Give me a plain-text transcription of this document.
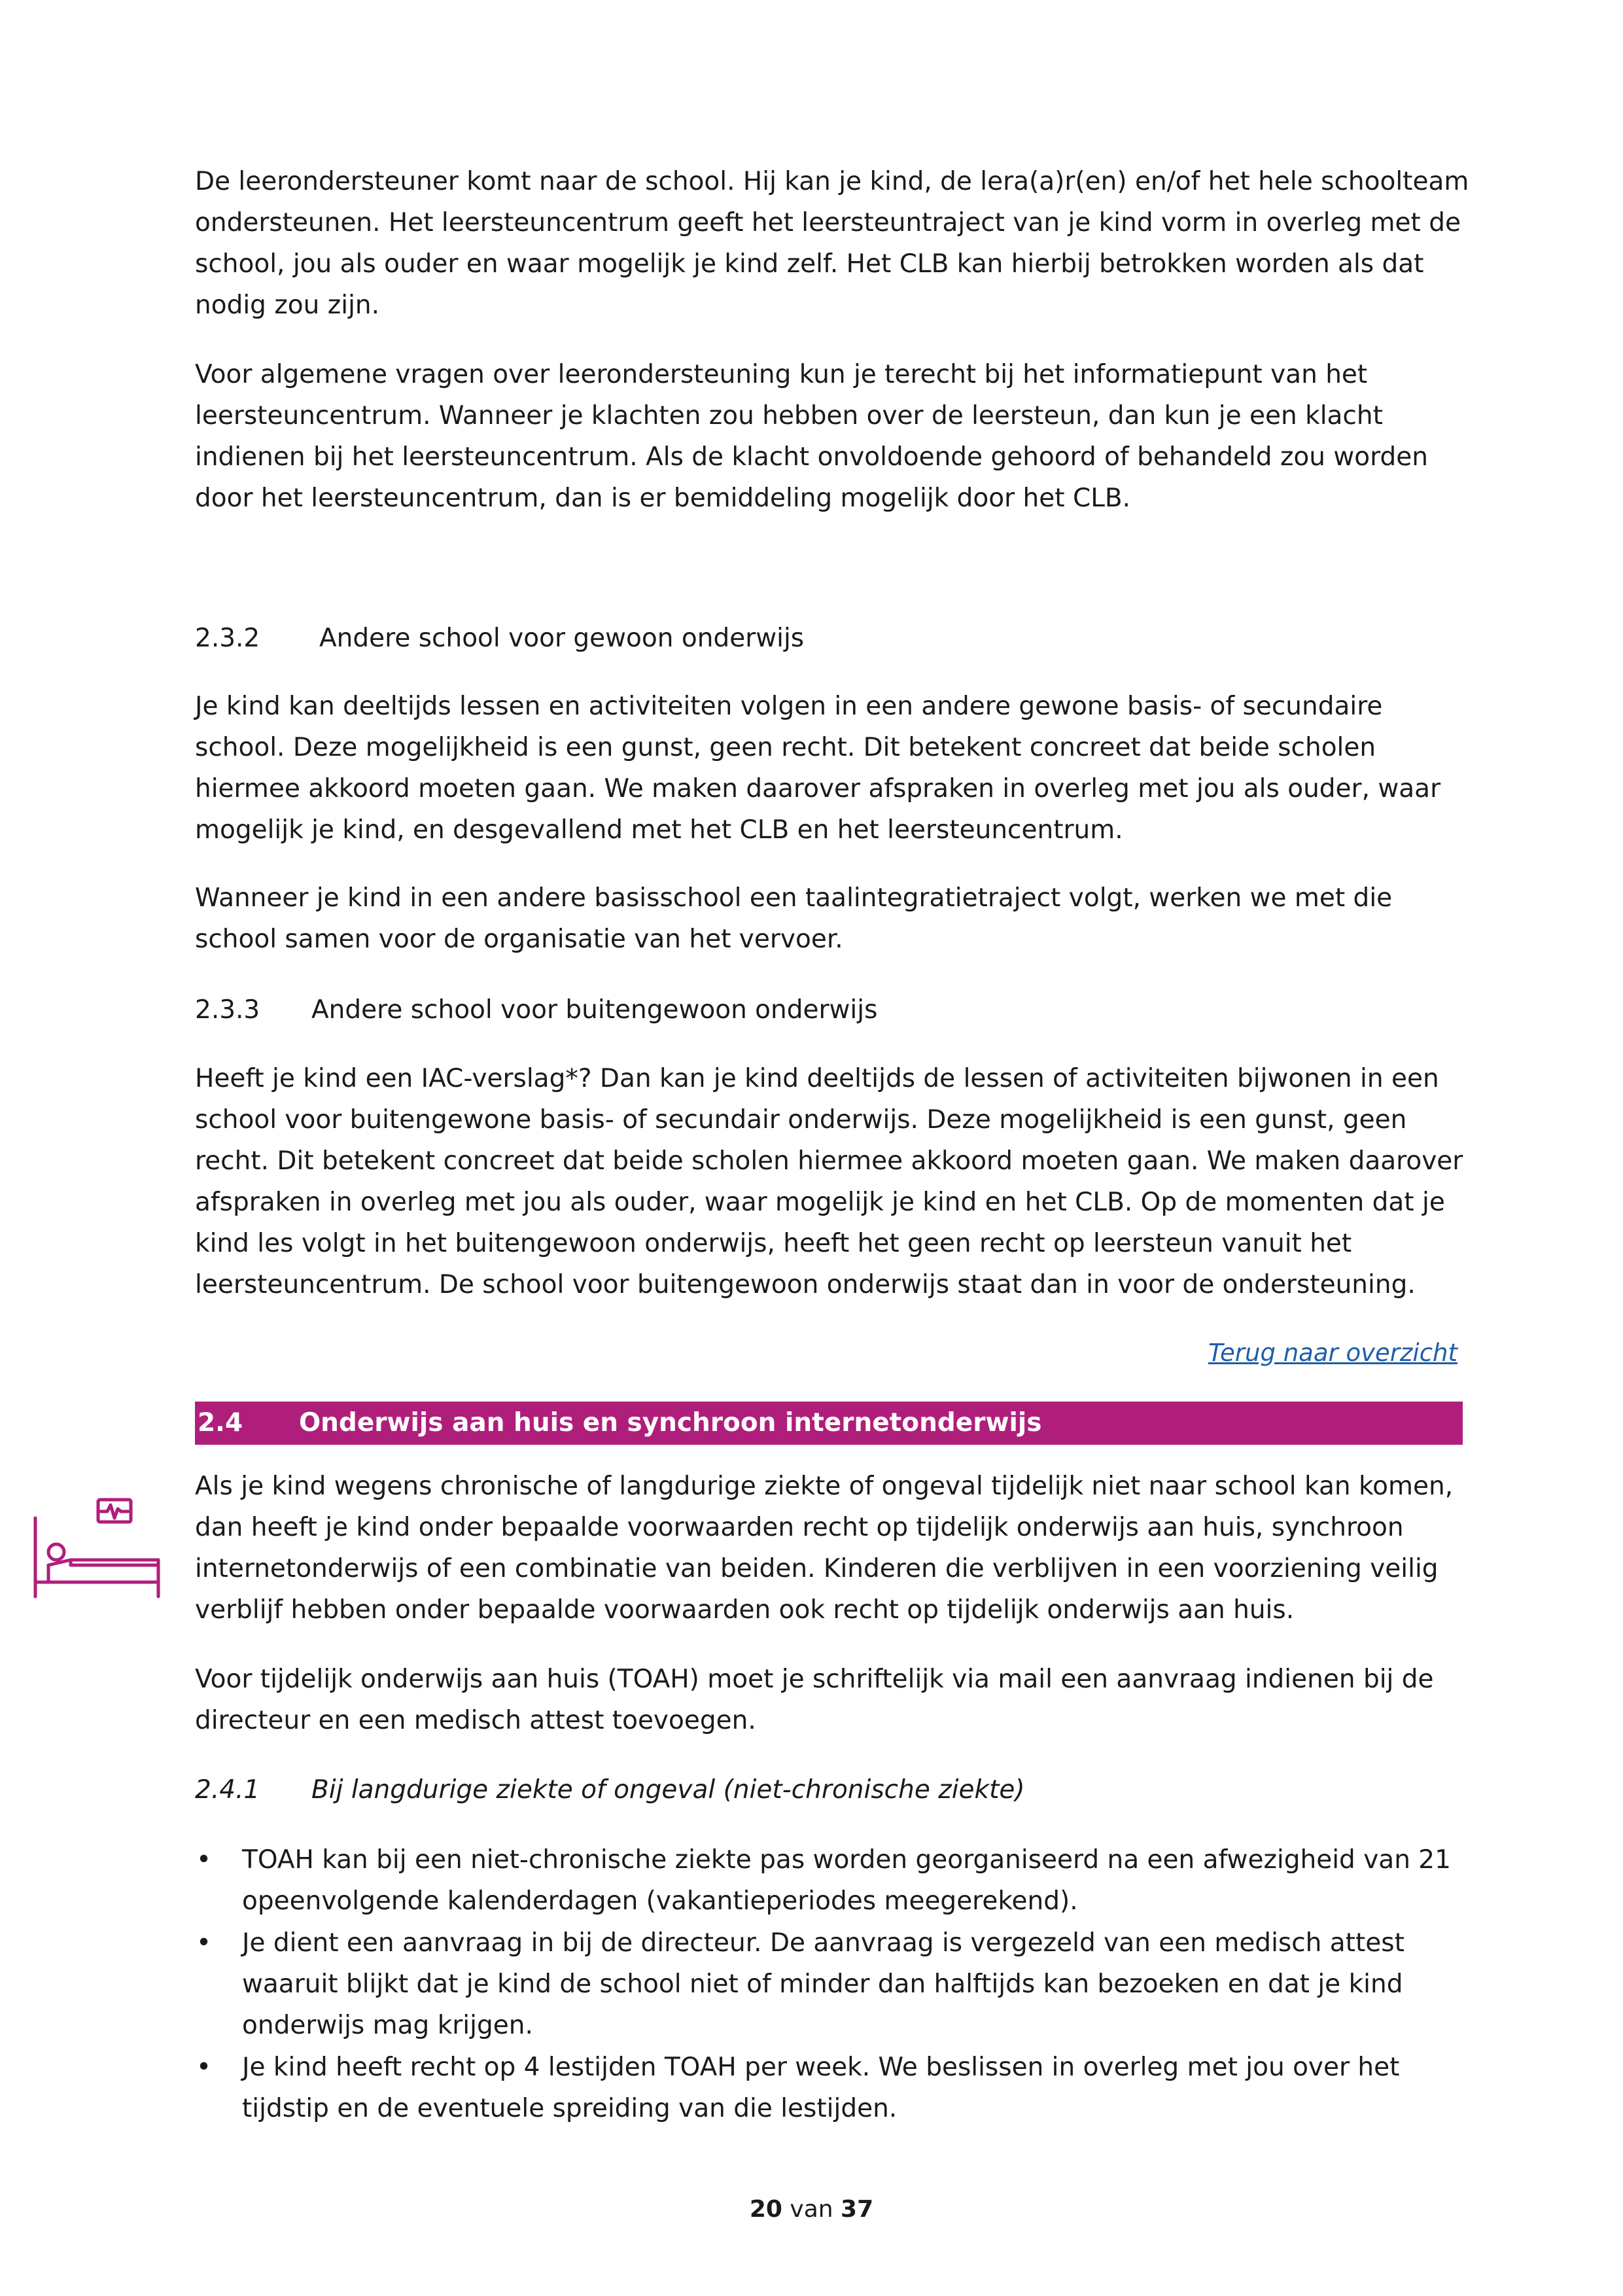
De leerondersteuner komt naar de school. Hij kan je kind, de lera(a)r(en) en/of het hele schoolteam ondersteunen. Het leersteuncentrum geeft het leersteuntraject van je kind vorm in overleg met de school, jou als ouder en waar mogelijk je kind zelf. Het CLB kan hierbij betrokken worden als dat nodig zou zijn.

Voor algemene vragen over leerondersteuning kun je terecht bij het informatiepunt van het leersteuncentrum. Wanneer je klachten zou hebben over de leersteun, dan kun je een klacht indienen bij het leersteuncentrum. Als de klacht onvoldoende gehoord of behandeld zou worden door het leersteuncentrum, dan is er bemiddeling mogelijk door het CLB.

2.3.2 Andere school voor gewoon onderwijs

Je kind kan deeltijds lessen en activiteiten volgen in een andere gewone basis- of secundaire school. Deze mogelijkheid is een gunst, geen recht. Dit betekent concreet dat beide scholen hiermee akkoord moeten gaan. We maken daarover afspraken in overleg met jou als ouder, waar mogelijk je kind, en desgevallend met het CLB en het leersteuncentrum.

Wanneer je kind in een andere basisschool een taalintegratietraject volgt, werken we met die school samen voor de organisatie van het vervoer.

2.3.3 Andere school voor buitengewoon onderwijs

Heeft je kind een IAC-verslag*? Dan kan je kind deeltijds de lessen of activiteiten bijwonen in een school voor buitengewone basis- of secundair onderwijs. Deze mogelijkheid is een gunst, geen recht. Dit betekent concreet dat beide scholen hiermee akkoord moeten gaan. We maken daarover afspraken in overleg met jou als ouder, waar mogelijk je kind en het CLB. Op de momenten dat je kind les volgt in het buitengewoon onderwijs, heeft het geen recht op leersteun vanuit het leersteuncentrum. De school voor buitengewoon onderwijs staat dan in voor de ondersteuning.

Terug naar overzicht
2.4 Onderwijs aan huis en synchroon internetonderwijs

Als je kind wegens chronische of langdurige ziekte of ongeval tijdelijk niet naar school kan komen, dan heeft je kind onder bepaalde voorwaarden recht op tijdelijk onderwijs aan huis, synchroon internetonderwijs of een combinatie van beiden. Kinderen die verblijven in een voorziening veilig verblijf hebben onder bepaalde voorwaarden ook recht op tijdelijk onderwijs aan huis.

Voor tijdelijk onderwijs aan huis (TOAH) moet je schriftelijk via mail een aanvraag indienen bij de directeur en een medisch attest toevoegen.

2.4.1 Bij langdurige ziekte of ongeval (niet-chronische ziekte)
• TOAH kan bij een niet-chronische ziekte pas worden georganiseerd na een afwezigheid van 21 opeenvolgende kalenderdagen (vakantieperiodes meegerekend).
• Je dient een aanvraag in bij de directeur. De aanvraag is vergezeld van een medisch attest waaruit blijkt dat je kind de school niet of minder dan halftijds kan bezoeken en dat je kind onderwijs mag krijgen.
• Je kind heeft recht op 4 lestijden TOAH per week. We beslissen in overleg met jou over het tijdstip en de eventuele spreiding van die lestijden.
20 van 37
